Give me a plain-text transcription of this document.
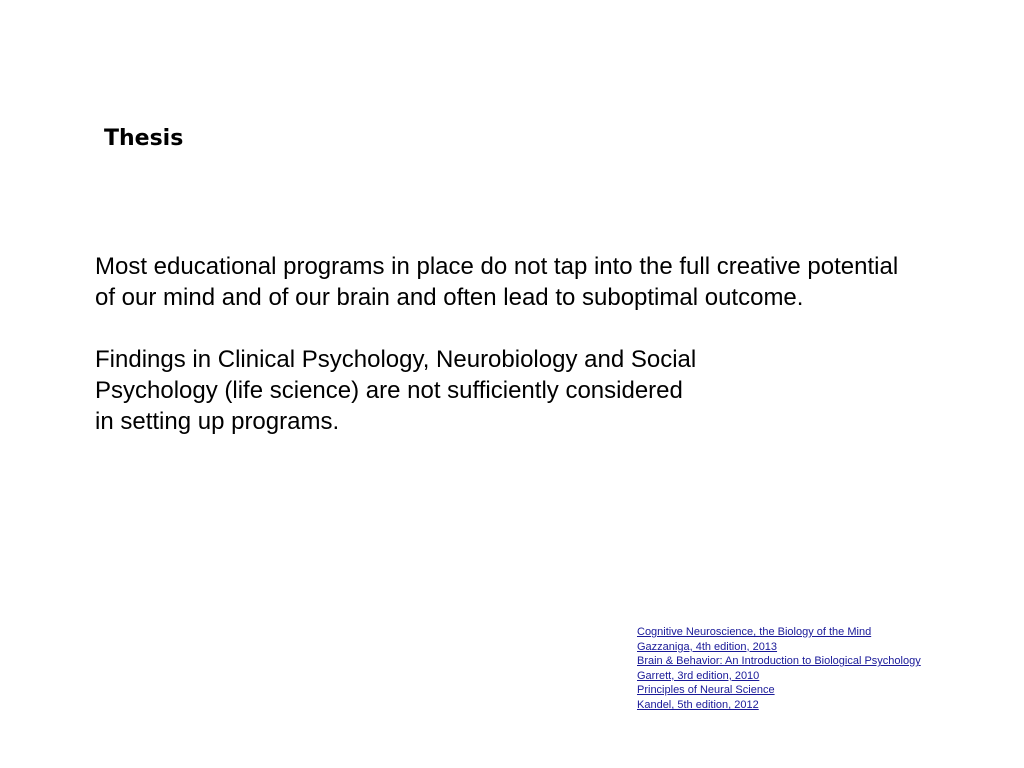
Thesis
Most educational programs in place do not tap into the full creative potential
of our mind and of our brain and often lead to suboptimal outcome.
Findings in Clinical Psychology, Neurobiology and Social
Psychology (life science) are not sufficiently considered
in setting up programs.
Cognitive Neuroscience, the Biology of the Mind
Gazzaniga, 4th edition, 2013
Brain & Behavior: An Introduction to Biological Psychology
Garrett, 3rd edition, 2010
Principles of Neural Science
Kandel, 5th edition, 2012
